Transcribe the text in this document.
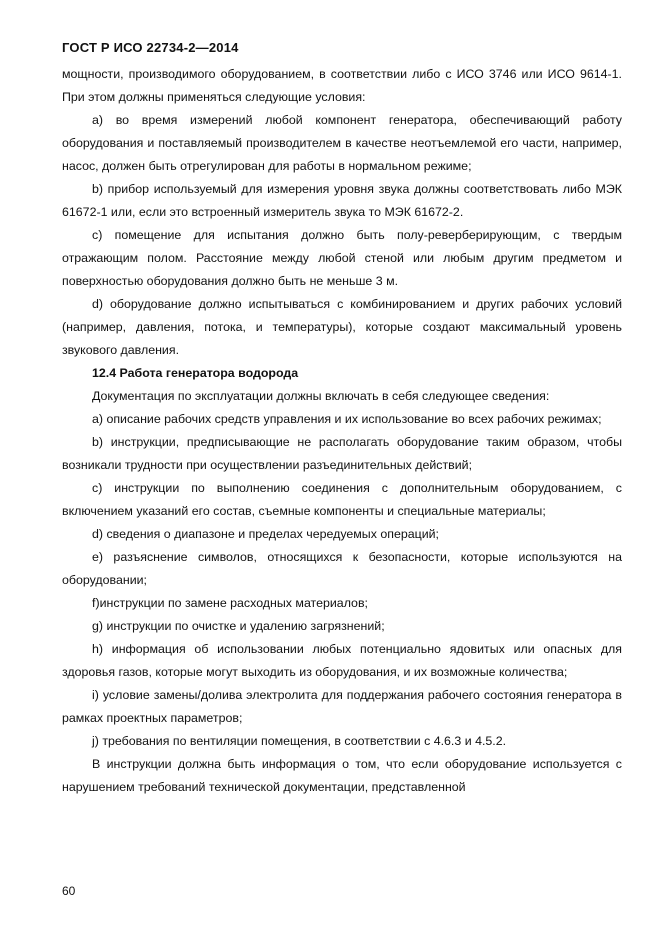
ГОСТ Р ИСО 22734-2—2014

мощности, производимого оборудованием, в соответствии либо с ИСО 3746 или ИСО 9614-1. При этом должны применяться следующие условия:

a) во время измерений любой компонент генератора, обеспечивающий работу оборудования и поставляемый производителем в качестве неотъемлемой его части, например, насос, должен быть отрегулирован для работы в нормальном режиме;

b) прибор используемый для измерения уровня звука должны соответствовать либо МЭК 61672-1 или, если это встроенный измеритель звука то МЭК 61672-2.

c) помещение для испытания должно быть полу-реверберирующим, с твердым отражающим полом. Расстояние между любой стеной или любым другим предметом и поверхностью оборудования должно быть не меньше 3 м.

d) оборудование должно испытываться с комбинированием и других рабочих условий (например, давления, потока, и температуры), которые создают максимальный уровень звукового давления.

12.4 Работа генератора водорода

Документация по эксплуатации должны включать в себя следующее сведения:

a) описание рабочих средств управления и их использование во всех рабочих режимах;

b) инструкции, предписывающие не располагать оборудование таким образом, чтобы возникали трудности при осуществлении разъединительных действий;

c) инструкции по выполнению соединения с дополнительным оборудованием, с включением указаний его состав, съемные компоненты и специальные материалы;

d) сведения о диапазоне и пределах чередуемых операций;

e) разъяснение символов, относящихся к безопасности, которые используются на оборудовании;

f)инструкции по замене расходных материалов;

g) инструкции по очистке и удалению загрязнений;

h) информация об использовании любых потенциально ядовитых или опасных для здоровья газов, которые могут выходить из оборудования, и их возможные количества;

i) условие замены/долива электролита для поддержания рабочего состояния генератора в рамках проектных параметров;

j) требования по вентиляции помещения, в соответствии с 4.6.3 и 4.5.2.

В инструкции должна быть информация о том, что если оборудование используется с нарушением требований технической документации, представленной

60
